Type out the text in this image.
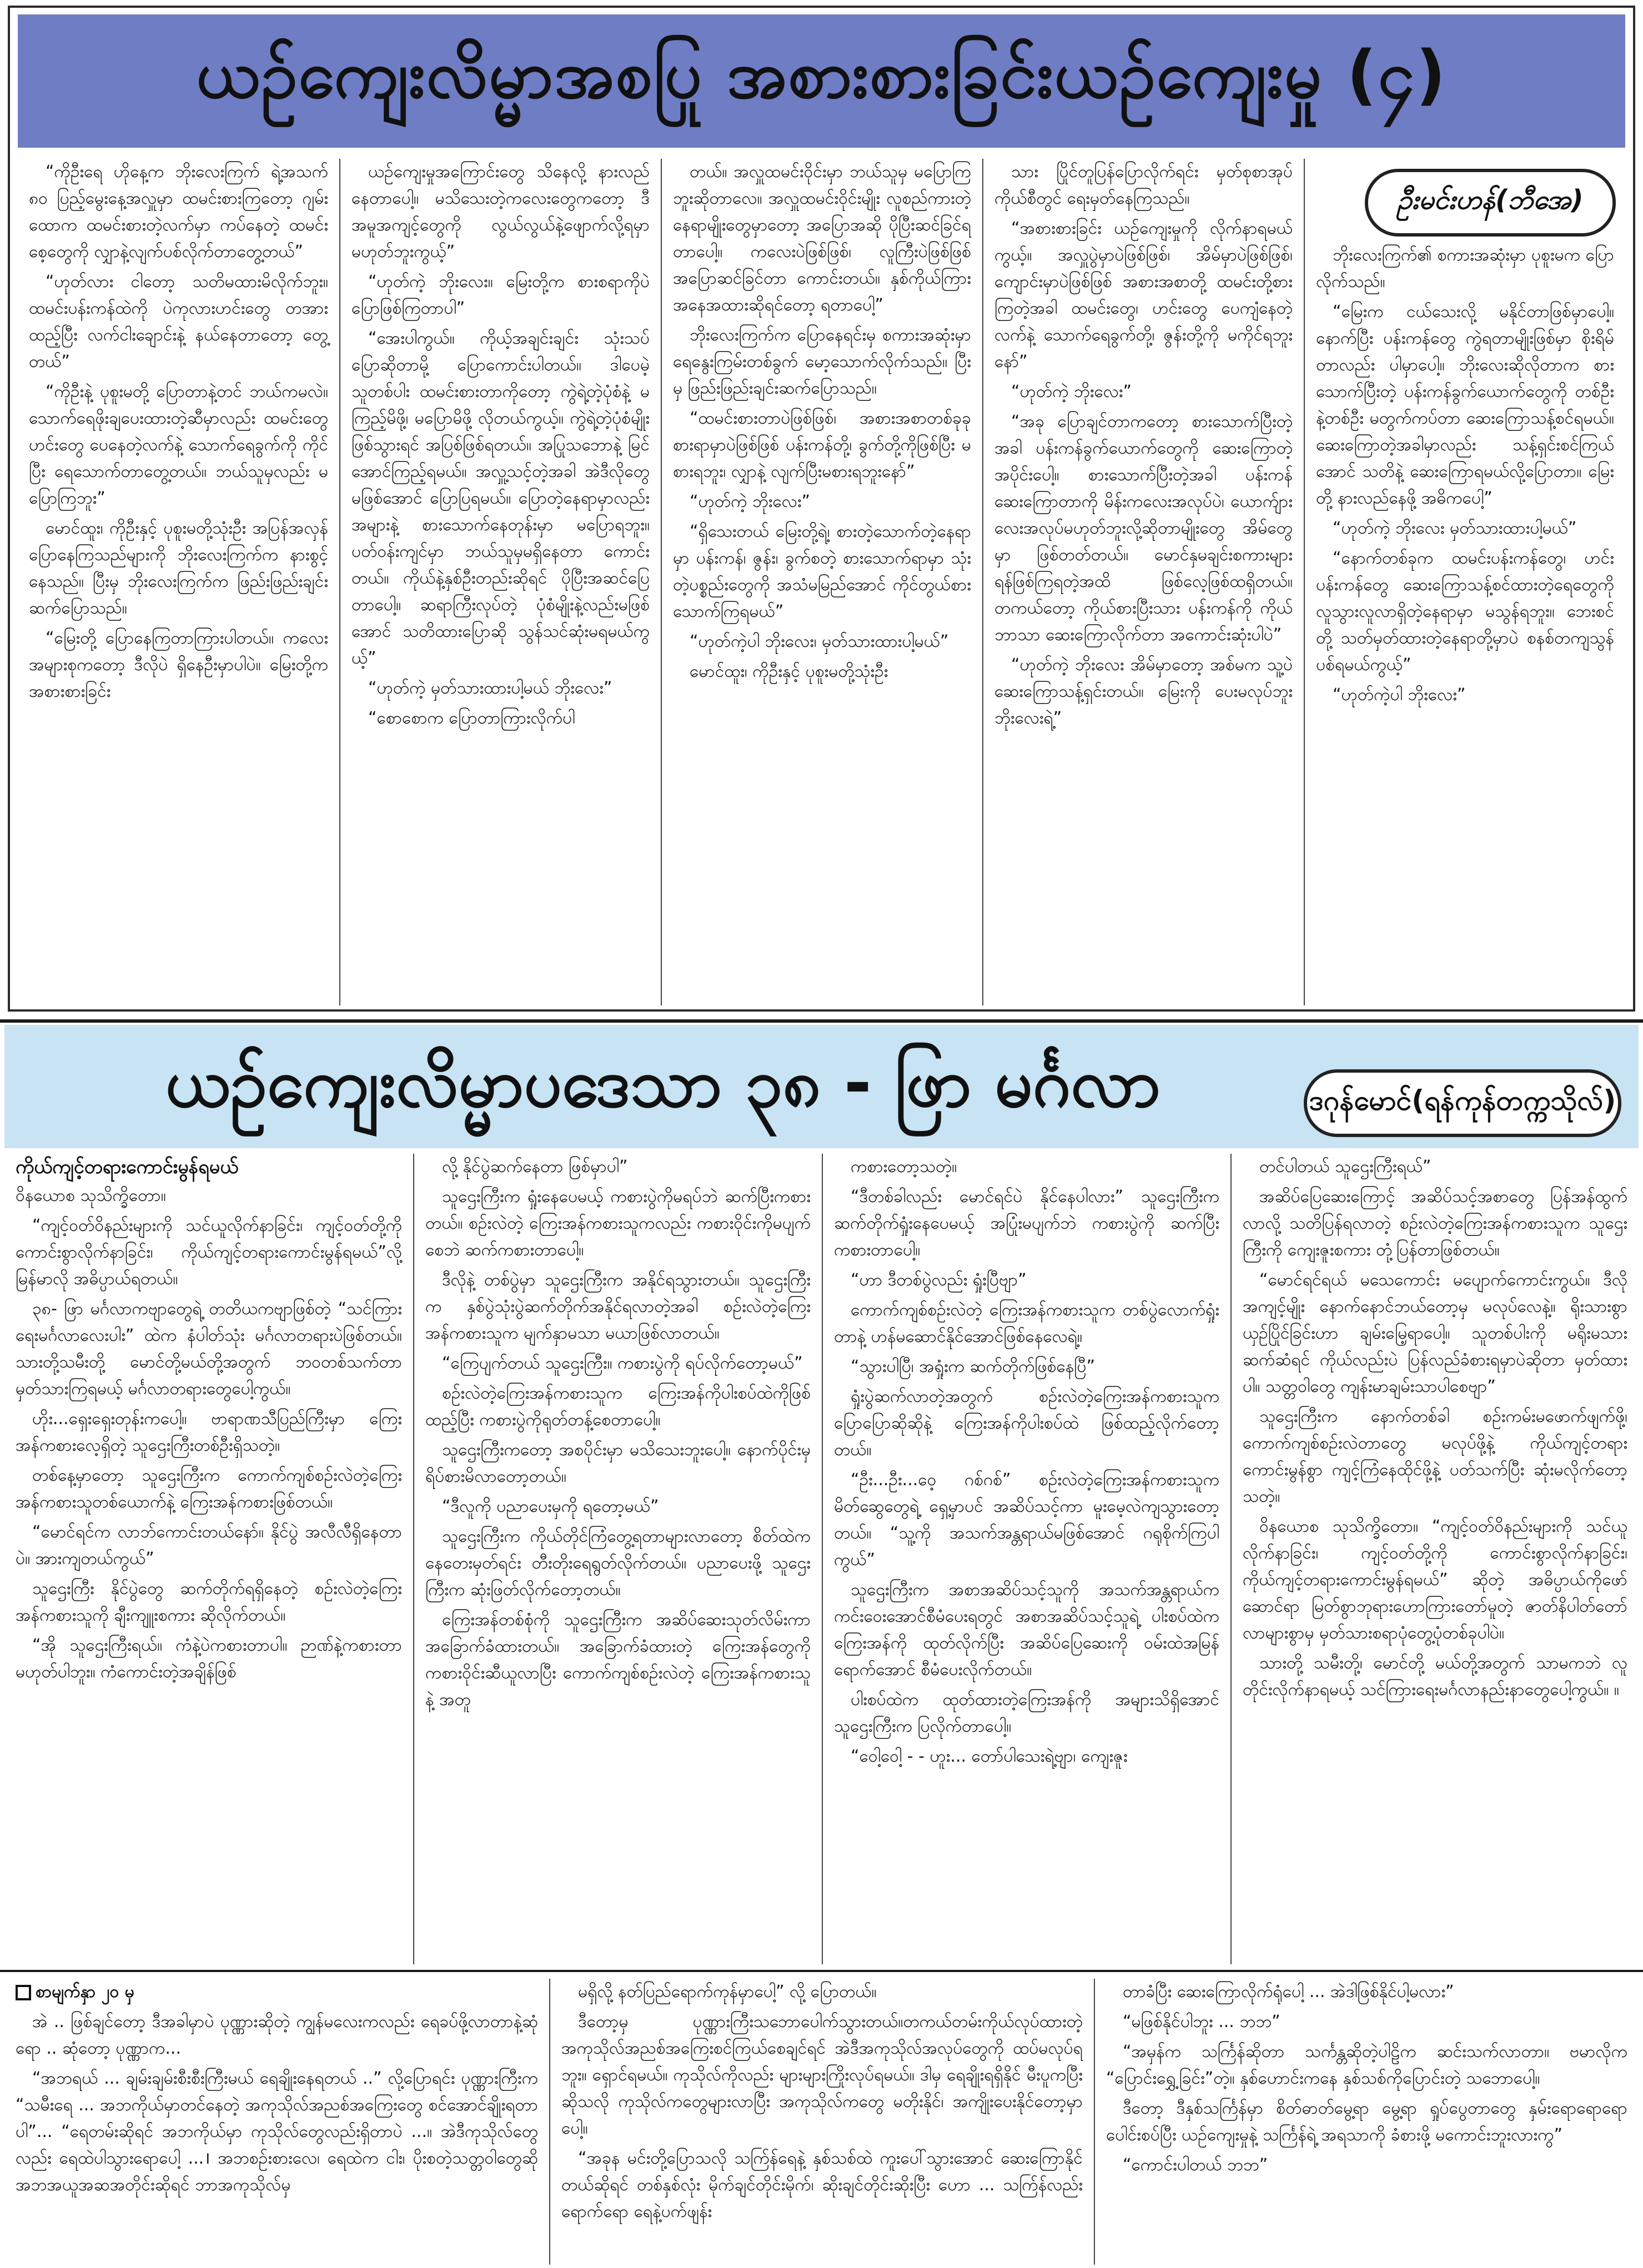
ယဉ်ကျေးလိမ္မာအစပြု အစားစားခြင်းယဉ်ကျေးမှု (၄)

“ကိုဦးရေ ဟိုနေ့က ဘိုးလေးကြက် ရဲ့အသက် ၈၀ ပြည့်မွေးနေ့အလှူမှာ ထမင်းစားကြတော့ ဂျမ်းထောက ထမင်းစားတဲ့လက်မှာ ကပ်နေတဲ့ ထမင်းစေ့တွေကို လျှာနဲ့လျက်ပစ်လိုက်တာတွေ့တယ်”

“ဟုတ်လား ငါတော့ သတိမထားမိလိုက်ဘူး။ ထမင်းပန်းကန်ထဲကို ပဲကုလားဟင်းတွေ တအားထည့်ပြီး လက်ငါးချောင်းနဲ့ နယ်နေတာတော့ တွေ့တယ်”

“ကိုဦးနဲ့ ပုစူးမတို့ ပြောတာနဲ့တင် ဘယ်ကမလဲ။သောက်ရေဖိုးချပေးထားတဲ့ဆီမှာလည်း ထမင်းတွေ ဟင်းတွေ ပေနေတဲ့လက်နဲ့ သောက်ရေခွက်ကို ကိုင်ပြီး ရေသောက်တာတွေ့တယ်။ ဘယ်သူမှလည်း မပြောကြဘူး”

မောင်ထူး၊ ကိုဦးနှင့် ပုစူးမတို့သုံးဦး အပြန်အလှန် ပြောနေကြသည်များကို ဘိုးလေးကြက်က နားစွင့်နေသည်။ ပြီးမှ ဘိုးလေးကြက်က ဖြည်းဖြည်းချင်း ဆက်ပြောသည်။

“မြေးတို့ ပြောနေကြတာကြားပါတယ်။ ကလေးအများစုကတော့ ဒီလိုပဲ ရှိနေဦးမှာပါပဲ။ မြေးတို့က အစားစားခြင်း

ယဉ်ကျေးမှုအကြောင်းတွေ သိနေလို့ နားလည်နေတာပေါ့။ မသိသေးတဲ့ကလေးတွေကတော့ ဒီအမူအကျင့်တွေကို လွယ်လွယ်နဲ့ဖျောက်လို့ရမှာ မဟုတ်ဘူးကွယ့်”

“ဟုတ်ကဲ့ ဘိုးလေး။ မြေးတို့က စားစရာကိုပဲ ပြောဖြစ်ကြတာပါ”

“အေးပါကွယ်။ ကိုယ့်အချင်းချင်း သုံးသပ်ပြောဆိုတာမို့ ပြောကောင်းပါတယ်။ ဒါပေမဲ့ သူတစ်ပါး ထမင်းစားတာကိုတော့ ကွဲရဲ့တဲ့ပုံစံနဲ့ မကြည့်မိဖို့၊ မပြောမိဖို့ လိုတယ်ကွယ့်။ ကွဲရဲ့တဲ့ပုံစံမျိုးဖြစ်သွားရင် အပြစ်ဖြစ်ရတယ်။ အပြုသဘောနဲ့ မြင်အောင်ကြည့်ရမယ်။ အလှူ့သင့်တဲ့အခါ အဲဒီလိုတွေမဖြစ်အောင် ပြောပြရမယ်။ ပြောတဲ့နေရာမှာလည်း အများနဲ့ စားသောက်နေတုန်းမှာ မပြောရဘူး။ ပတ်ဝန်းကျင်မှာ ဘယ်သူမှမရှိနေတာ ကောင်းတယ်။ ကိုယ်နဲ့နှစ်ဦးတည်းဆိုရင် ပိုပြီးအဆင်ပြေတာပေါ့။ ဆရာကြီးလုပ်တဲ့ ပုံစံမျိုးနဲ့လည်းမဖြစ်အောင် သတိထားပြောဆို သွန်သင်ဆုံးမရမယ်ကွယ့်”

“ဟုတ်ကဲ့ မှတ်သားထားပါ့မယ် ဘိုးလေး”

“စောစောက ပြောတာကြားလိုက်ပါ

တယ်။ အလှူထမင်းဝိုင်းမှာ ဘယ်သူမှ မပြောကြဘူးဆိုတာလေ။ အလှူထမင်းဝိုင်းမျိုး လူစည်ကားတဲ့နေရာမျိုးတွေမှာတော့ အပြောအဆို ပိုပြီးဆင်ခြင်ရတာပေါ့။ ကလေးပဲဖြစ်ဖြစ်၊ လူကြီးပဲဖြစ်ဖြစ် အပြောဆင်ခြင်တာ ကောင်းတယ်။ နှစ်ကိုယ်ကြား အနေအထားဆိုရင်တော့ ရတာပေါ့”

ဘိုးလေးကြက်က ပြောနေရင်းမှ စကားအဆုံးမှာ ရေနွေးကြမ်းတစ်ခွက် မော့သောက်လိုက်သည်။ ပြီးမှ ဖြည်းဖြည်းချင်းဆက်ပြောသည်။

“ထမင်းစားတာပဲဖြစ်ဖြစ်၊ အစားအစာတစ်ခုခုစားရာမှာပဲဖြစ်ဖြစ် ပန်းကန်တို့၊ ခွက်တို့ကိုဖြစ်ပြီး မစားရဘူး၊ လျှာနဲ့ လျက်ပြီးမစားရဘူးနော်”

“ဟုတ်ကဲ့ ဘိုးလေး”

“ရှိသေးတယ် မြေးတို့ရဲ့၊ စားတဲ့သောက်တဲ့နေရာမှာ ပန်းကန်၊ ဇွန်း၊ ခွက်စတဲ့ စားသောက်ရာမှာ သုံးတဲ့ပစ္စည်းတွေကို အသံမမြည်အောင် ကိုင်တွယ်စားသောက်ကြရမယ်”

“ဟုတ်ကဲ့ပါ ဘိုးလေး၊ မှတ်သားထားပါ့မယ်”

မောင်ထူး၊ ကိုဦးနှင့် ပုစူးမတို့သုံးဦး

သား ပြိုင်တူပြန်ပြောလိုက်ရင်း မှတ်စုစာအုပ်ကိုယ်စီတွင် ရေးမှတ်နေကြသည်။

“အစားစားခြင်း ယဉ်ကျေးမှုကို လိုက်နာရမယ်ကွယ့်။ အလှူပွဲမှာပဲဖြစ်ဖြစ်၊ အိမ်မှာပဲဖြစ်ဖြစ်၊ ကျောင်းမှာပဲဖြစ်ဖြစ် အစားအစာတို့ ထမင်းတို့စားကြတဲ့အခါ ထမင်းတွေ၊ ဟင်းတွေ ပေကျံနေတဲ့လက်နဲ့ သောက်ရေခွက်တို့၊ ဇွန်းတို့ကို မကိုင်ရဘူးနော်”

“ဟုတ်ကဲ့ ဘိုးလေး”

“အခု ပြောချင်တာကတော့ စားသောက်ပြီးတဲ့အခါ ပန်းကန်ခွက်ယောက်တွေကို ဆေးကြောတဲ့အပိုင်းပေါ့။ စားသောက်ပြီးတဲ့အခါ ပန်းကန်ဆေးကြောတာကို မိန်းကလေးအလုပ်ပဲ၊ ယောက်ျားလေးအလုပ်မဟုတ်ဘူးလို့ဆိုတာမျိုးတွေ အိမ်တွေမှာ ဖြစ်တတ်တယ်။ မောင်နှမချင်းစကားများ ရန်ဖြစ်ကြရတဲ့အထိ ဖြစ်လေ့ဖြစ်ထရှိတယ်။ တကယ်တော့ ကိုယ်စားပြီးသား ပန်းကန်ကို ကိုယ်ဘာသာ ဆေးကြောလိုက်တာ အကောင်းဆုံးပါပဲ”

“ဟုတ်ကဲ့ ဘိုးလေး အိမ်မှာတော့ အစ်မက သူ့ပဲဆေးကြောသန့်ရှင်းတယ်။ မြေးကို ပေးမလုပ်ဘူးဘိုးလေးရဲ့”

ဘိုးလေးကြက်၏ စကားအဆုံးမှာ ပုစူးမက ပြောလိုက်သည်။

“မြေးက ငယ်သေးလို့ မနိုင်တာဖြစ်မှာပေါ့။ နောက်ပြီး ပန်းကန်တွေ ကွဲရတာမျိုးဖြစ်မှာ စိုးရိမ်တာလည်း ပါမှာပေါ့။ ဘိုးလေးဆိုလိုတာက စားသောက်ပြီးတဲ့ ပန်းကန်ခွက်ယောက်တွေကို တစ်ဦးနဲ့တစ်ဦး မတွက်ကပ်တာ ဆေးကြောသန့်စင်ရမယ်။ ဆေးကြောတဲ့အခါမှာလည်း သန့်ရှင်းစင်ကြယ်အောင် သတိနဲ့ ဆေးကြောရမယ်လို့ပြောတာ။ မြေးတို့ နားလည်နေဖို့ အဓိကပေါ့”

“ဟုတ်ကဲ့ ဘိုးလေး မှတ်သားထားပါ့မယ်”

“နောက်တစ်ခုက ထမင်းပန်းကန်တွေ၊ ဟင်းပန်းကန်တွေ ဆေးကြောသန့်စင်ထားတဲ့ရေတွေကို လူသွားလူလာရှိတဲ့နေရာမှာ မသွန်ရဘူး။ ဘေးစင်တို့ သတ်မှတ်ထားတဲ့နေရာတို့မှာပဲ စနစ်တကျသွန်ပစ်ရမယ်ကွယ့်”

“ဟုတ်ကဲ့ပါ ဘိုးလေး”

ဦးမင်းဟန်(ဘီအေ)
ယဉ်ကျေးလိမ္မာပဒေသာ ၃၈ - ဖြာ မင်္ဂလာ	ဒဂုန်မောင်(ရန်ကုန်တက္ကသိုလ်)

ကိုယ်ကျင့်တရားကောင်းမွန်ရမယ်

ဝိနယောစ သုသိက္ခိတော။

“ကျင့်ဝတ်ဝိနည်းများကို သင်ယူလိုက်နာခြင်း၊ ကျင့်ဝတ်တို့ကို ကောင်းစွာလိုက်နာခြင်း၊ ကိုယ်ကျင့်တရားကောင်းမွန်ရမယ်”လို့ မြန်မာလို အဓိပ္ပာယ်ရတယ်။

၃၈- ဖြာ မင်္ဂလာကဗျာတွေရဲ့ တတိယကဗျာဖြစ်တဲ့ “သင်ကြားရေးမင်္ဂလာလေးပါး” ထဲက နံပါတ်သုံး မင်္ဂလာတရားပဲဖြစ်တယ်။ သားတို့သမီးတို့ မောင်တို့မယ်တို့အတွက် ဘဝတစ်သက်တာ မှတ်သားကြရမယ့် မင်္ဂလာတရားတွေပေါ့ကွယ်။

ဟိုး...ရှေးရှေးတုန်းကပေါ့။ ဗာရာဏသီပြည်ကြီးမှာ ကြေးအန်ကစားလေ့ရှိတဲ့ သူဌေးကြီးတစ်ဦးရှိသတဲ့။

တစ်နေ့မှာတော့ သူဌေးကြီးက ကောက်ကျစ်စဉ်းလဲတဲ့ကြေးအန်ကစားသူတစ်ယောက်နဲ့ ကြေးအန်ကစားဖြစ်တယ်။

“မောင်ရင်က လာဘ်ကောင်းတယ်နော်။ နိုင်ပွဲ အလီလီရှိနေတာပဲ။ အားကျတယ်ကွယ်”

သူဌေးကြီး နိုင်ပွဲတွေ ဆက်တိုက်ရရှိနေတဲ့ စဉ်းလဲတဲ့ကြေးအန်ကစားသူကို ချီးကျူးစကား ဆိုလိုက်တယ်။

“အို သူဌေးကြီးရယ်။ ကံနဲ့ပဲကစားတာပါ။ ဉာဏ်နဲ့ကစားတာမဟုတ်ပါဘူး။ ကံကောင်းတဲ့အချိန်ဖြစ်

လို့ နိုင်ပွဲဆက်နေတာ ဖြစ်မှာပါ”

သူဌေးကြီးက ရှုံးနေပေမယ့် ကစားပွဲကိုမရပ်ဘဲ ဆက်ပြီးကစားတယ်။ စဉ်းလဲတဲ့ ကြေးအန်ကစားသူကလည်း ကစားဝိုင်းကိုမပျက်စေဘဲ ဆက်ကစားတာပေါ့။

ဒီလိုနဲ့ တစ်ပွဲမှာ သူဌေးကြီးက အနိုင်ရသွားတယ်။ သူဌေးကြီးက နှစ်ပွဲသုံးပွဲဆက်တိုက်အနိုင်ရလာတဲ့အခါ စဉ်းလဲတဲ့ကြေးအန်ကစားသူက မျက်နှာမသာ မယာဖြစ်လာတယ်။

“ကြေပျက်တယ် သူဌေးကြီး။ ကစားပွဲကို ရပ်လိုက်တော့မယ်”

စဉ်းလဲတဲ့ကြေးအန်ကစားသူက ကြေးအန်ကိုပါးစပ်ထဲကိုဖြစ်ထည့်ပြီး ကစားပွဲကိုရုတ်တန့်စေတာပေါ့။

သူဌေးကြီးကတော့ အစပိုင်းမှာ မသိသေးဘူးပေါ့။ နောက်ပိုင်းမှ ရိပ်စားမိလာတော့တယ်။

“ဒီလူကို ပညာပေးမှကို ရတော့မယ်”

သူဌေးကြီးက ကိုယ်တိုင်ကြံတွေ့ရတာများလာတော့ စိတ်ထဲကနေတေးမှတ်ရင်း တီးတိုးရေရွတ်လိုက်တယ်။ ပညာပေးဖို့ သူဌေးကြီးက ဆုံးဖြတ်လိုက်တော့တယ်။

ကြေးအန်တစ်စုံကို သူဌေးကြီးက အဆိပ်ဆေးသုတ်လိမ်းကာ အခြောက်ခံထားတယ်။ အခြောက်ခံထားတဲ့ ကြေးအန်တွေကို ကစားဝိုင်းဆီယူလာပြီး ကောက်ကျစ်စဉ်းလဲတဲ့ ကြေးအန်ကစားသူနဲ့ အတူ

ကစားတော့သတဲ့။

“ဒီတစ်ခါလည်း မောင်ရင်ပဲ နိုင်နေပါလား” သူဌေးကြီးက ဆက်တိုက်ရှုံးနေပေမယ့် အပြုံးမပျက်ဘဲ ကစားပွဲကို ဆက်ပြီးကစားတာပေါ့။

“ဟာ ဒီတစ်ပွဲလည်း ရှုံးပြီဗျာ”

ကောက်ကျစ်စဉ်းလဲတဲ့ ကြေးအန်ကစားသူက တစ်ပွဲလောက်ရှုံးတာနဲ့ ဟန်မဆောင်နိုင်အောင်ဖြစ်နေလေရဲ့။

“သွားပါပြီ၊ အရှုံးက ဆက်တိုက်ဖြစ်နေပြီ”

ရှုံးပွဲဆက်လာတဲ့အတွက် စဉ်းလဲတဲ့ကြေးအန်ကစားသူက ပြောပြောဆိုဆိုနဲ့ ကြေးအန်ကိုပါးစပ်ထဲ ဖြစ်ထည့်လိုက်တော့တယ်။

“ဦး...ဦး...ဝေ့ ဂစ်ဂစ်” စဉ်းလဲတဲ့ကြေးအန်ကစားသူက မိတ်ဆွေတွေရဲ့ ရှေ့မှာပင် အဆိပ်သင့်ကာ မူးမေ့လဲကျသွားတော့တယ်။ “သူ့ကို အသက်အန္တရာယ်မဖြစ်အောင် ဂရုစိုက်ကြပါကွယ်”

သူဌေးကြီးက အစာအဆိပ်သင့်သူကို အသက်အန္တရာယ်က ကင်းဝေးအောင်စီမံပေးရတွင် အစာအဆိပ်သင့်သူရဲ့ ပါးစပ်ထဲကကြေးအန်ကို ထုတ်လိုက်ပြီး အဆိပ်ပြေဆေးကို ဝမ်းထဲအမြန်ရောက်အောင် စီမံပေးလိုက်တယ်။

ပါးစပ်ထဲက ထုတ်ထားတဲ့ကြေးအန်ကို အများသိရှိအောင် သူဌေးကြီးက ပြလိုက်တာပေါ့။

“ဝေါ့ဝေါ့ - - ဟူး... တော်ပါသေးရဲ့ဗျာ၊ ကျေးဇူး

တင်ပါတယ် သူဌေးကြီးရယ်”

အဆိပ်ပြေဆေးကြောင့် အဆိပ်သင့်အစာတွေ ပြန်အန်ထွက်လာလို့ သတိပြန်ရလာတဲ့ စဉ်းလဲတဲ့ကြေးအန်ကစားသူက သူဌေးကြီးကို ကျေးဇူးစကား တုံ့ပြန်တာဖြစ်တယ်။

“မောင်ရင်ရယ် မသေကောင်း မပျောက်ကောင်းကွယ်။ ဒီလိုအကျင့်မျိုး နောက်နောင်ဘယ်တော့မှ မလုပ်လေနဲ့။ ရိုးသားစွာယှဉ်ပြိုင်ခြင်းဟာ ချမ်းမြေ့ရာပေါ့။ သူတစ်ပါးကို မရိုးမသားဆက်ဆံရင် ကိုယ်လည်းပဲ ပြန်လည်ခံစားရမှာပဲဆိုတာ မှတ်ထားပါ။ သတ္တဝါတွေ ကျန်းမာချမ်းသာပါစေဗျာ”

သူဌေးကြီးက နောက်တစ်ခါ စဉ်းကမ်းမဖောက်ဖျက်ဖို့၊ ကောက်ကျစ်စဉ်းလဲတာတွေ မလုပ်ဖို့နဲ့ ကိုယ်ကျင့်တရားကောင်းမွန်စွာ ကျင့်ကြံနေထိုင်ဖို့နဲ့ ပတ်သက်ပြီး ဆုံးမလိုက်တော့သတဲ့။

ဝိနယောစ သုသိက္ခိတော။ “ကျင့်ဝတ်ဝိနည်းများကို သင်ယူလိုက်နာခြင်း၊ ကျင့်ဝတ်တို့ကို ကောင်းစွာလိုက်နာခြင်း၊ ကိုယ်ကျင့်တရားကောင်းမွန်ရမယ်” ဆိုတဲ့ အဓိပ္ပာယ်ကိုဖော်ဆောင်ရာ မြတ်စွာဘုရားဟောကြားတော်မူတဲ့ ဇာတ်နိပါတ်တော်လာများစွာမှ မှတ်သားစရာပုံတွေ့ပုံတစ်ခုပါပဲ။

သားတို့ သမီးတို့၊ မောင်တို့ မယ်တို့အတွက် သာမကဘဲ လူတိုင်းလိုက်နာရမယ့် သင်ကြားရေးမင်္ဂလာနည်းနာတွေပေါ့ကွယ်။ ။

စာမျက်နှာ ၂၀ မှ

အဲ .. ဖြစ်ချင်တော့ ဒီအခါမှာပဲ ပုဏ္ဏားဆိုတဲ့ ကျွန်မလေးကလည်း ရေခပ်ဖို့လာတာနဲ့ဆုံရော .. ဆုံတော့ ပုဏ္ဏာက...

“အဘရယ် ... ချမ်းချမ်းစီးစီးကြီးမယ် ရေချိုးနေရတယ် ..” လို့ပြောရင်း ပုဏ္ဏားကြီးက “သမီးရေ ... အဘကိုယ်မှာတင်နေတဲ့ အကုသိုလ်အညစ်အကြေးတွေ စင်အောင်ချိုးရတာပါ”... “ရေတမ်းဆိုရင် အဘကိုယ်မှာ ကုသိုလ်တွေလည်းရှိတာပဲ ...။ အဲဒီကုသိုလ်တွေလည်း ရေထဲပါသွားရောပေါ့ ...। အဘစဉ်းစားလေ၊ ရေထဲက ငါး၊ ပိုးစတဲ့သတ္တဝါတွေဆို အဘအယူအဆအတိုင်းဆိုရင် ဘာအကုသိုလ်မှ

မရှိလို့ နတ်ပြည်ရောက်ကုန်မှာပေါ့” လို့ ပြောတယ်။

ဒီတော့မှ ပုဏ္ဏားကြီးသဘောပေါက်သွားတယ်။တကယ်တမ်းကိုယ်လုပ်ထားတဲ့ အကုသိုလ်အညစ်အကြေးစင်ကြယ်စေချင်ရင် အဲဒီအကုသိုလ်အလုပ်တွေကို ထပ်မလုပ်ရဘူး။ ရှောင်ရမယ်။ ကုသိုလ်ကိုလည်း များများကြိုးလုပ်ရမယ်။ ဒါမှ ရေချိုးရရှိနိုင် မီးပူကပြီးဆိုသလို ကုသိုလ်ကတွေများလာပြီး အကုသိုလ်ကတွေ မတိုးနိုင်၊ အကျိုးပေးနိုင်တော့မှာပေါ့။

“အခုန မင်းတို့ပြောသလို သက်ြန်ရေနဲ့ နှစ်သစ်ထဲ ကူးပေါ်သွားအောင် ဆေးကြောနိုင်တယ်ဆိုရင် တစ်နှစ်လုံး မိုက်ချင်တိုင်းမိုက်၊ ဆိုးချင်တိုင်းဆိုးပြီး ဟော ... သက်ြန်လည်းရောက်ရော ရေနဲ့ပက်ဖျန်း

တာခံပြီး ဆေးကြောလိုက်ရုံပေါ့ ... အဲဒါဖြစ်နိုင်ပါ့မလား”

“မဖြစ်နိုင်ပါဘူး ... ဘဘ”

“အမှန်က သင်္ကြန်ဆိုတာ သင်္ကန္တဆိုတဲ့ပါဠိက ဆင်းသက်လာတာ။ ဗမာလိုက “ပြောင်းရွှေ့ခြင်း”တဲ့။ နှစ်ဟောင်းကနေ နှစ်သစ်ကိုပြောင်းတဲ့ သဘောပေါ့။

ဒီတော့ ဒီနှစ်သင်္ကြန်မှာ စိတ်ဓာတ်မွေ့ရာ မွေ့ရာ ရှုပ်ပွေတာတွေ နှမ်းရောရောရော ပေါင်းစပ်ပြီး ယဉ်ကျေးမှုနဲ့ သင်္ကြန်ရဲ့ အရသာကို ခံစားဖို့ မကောင်းဘူးလားကွ”

“ကောင်းပါတယ် ဘဘ”
